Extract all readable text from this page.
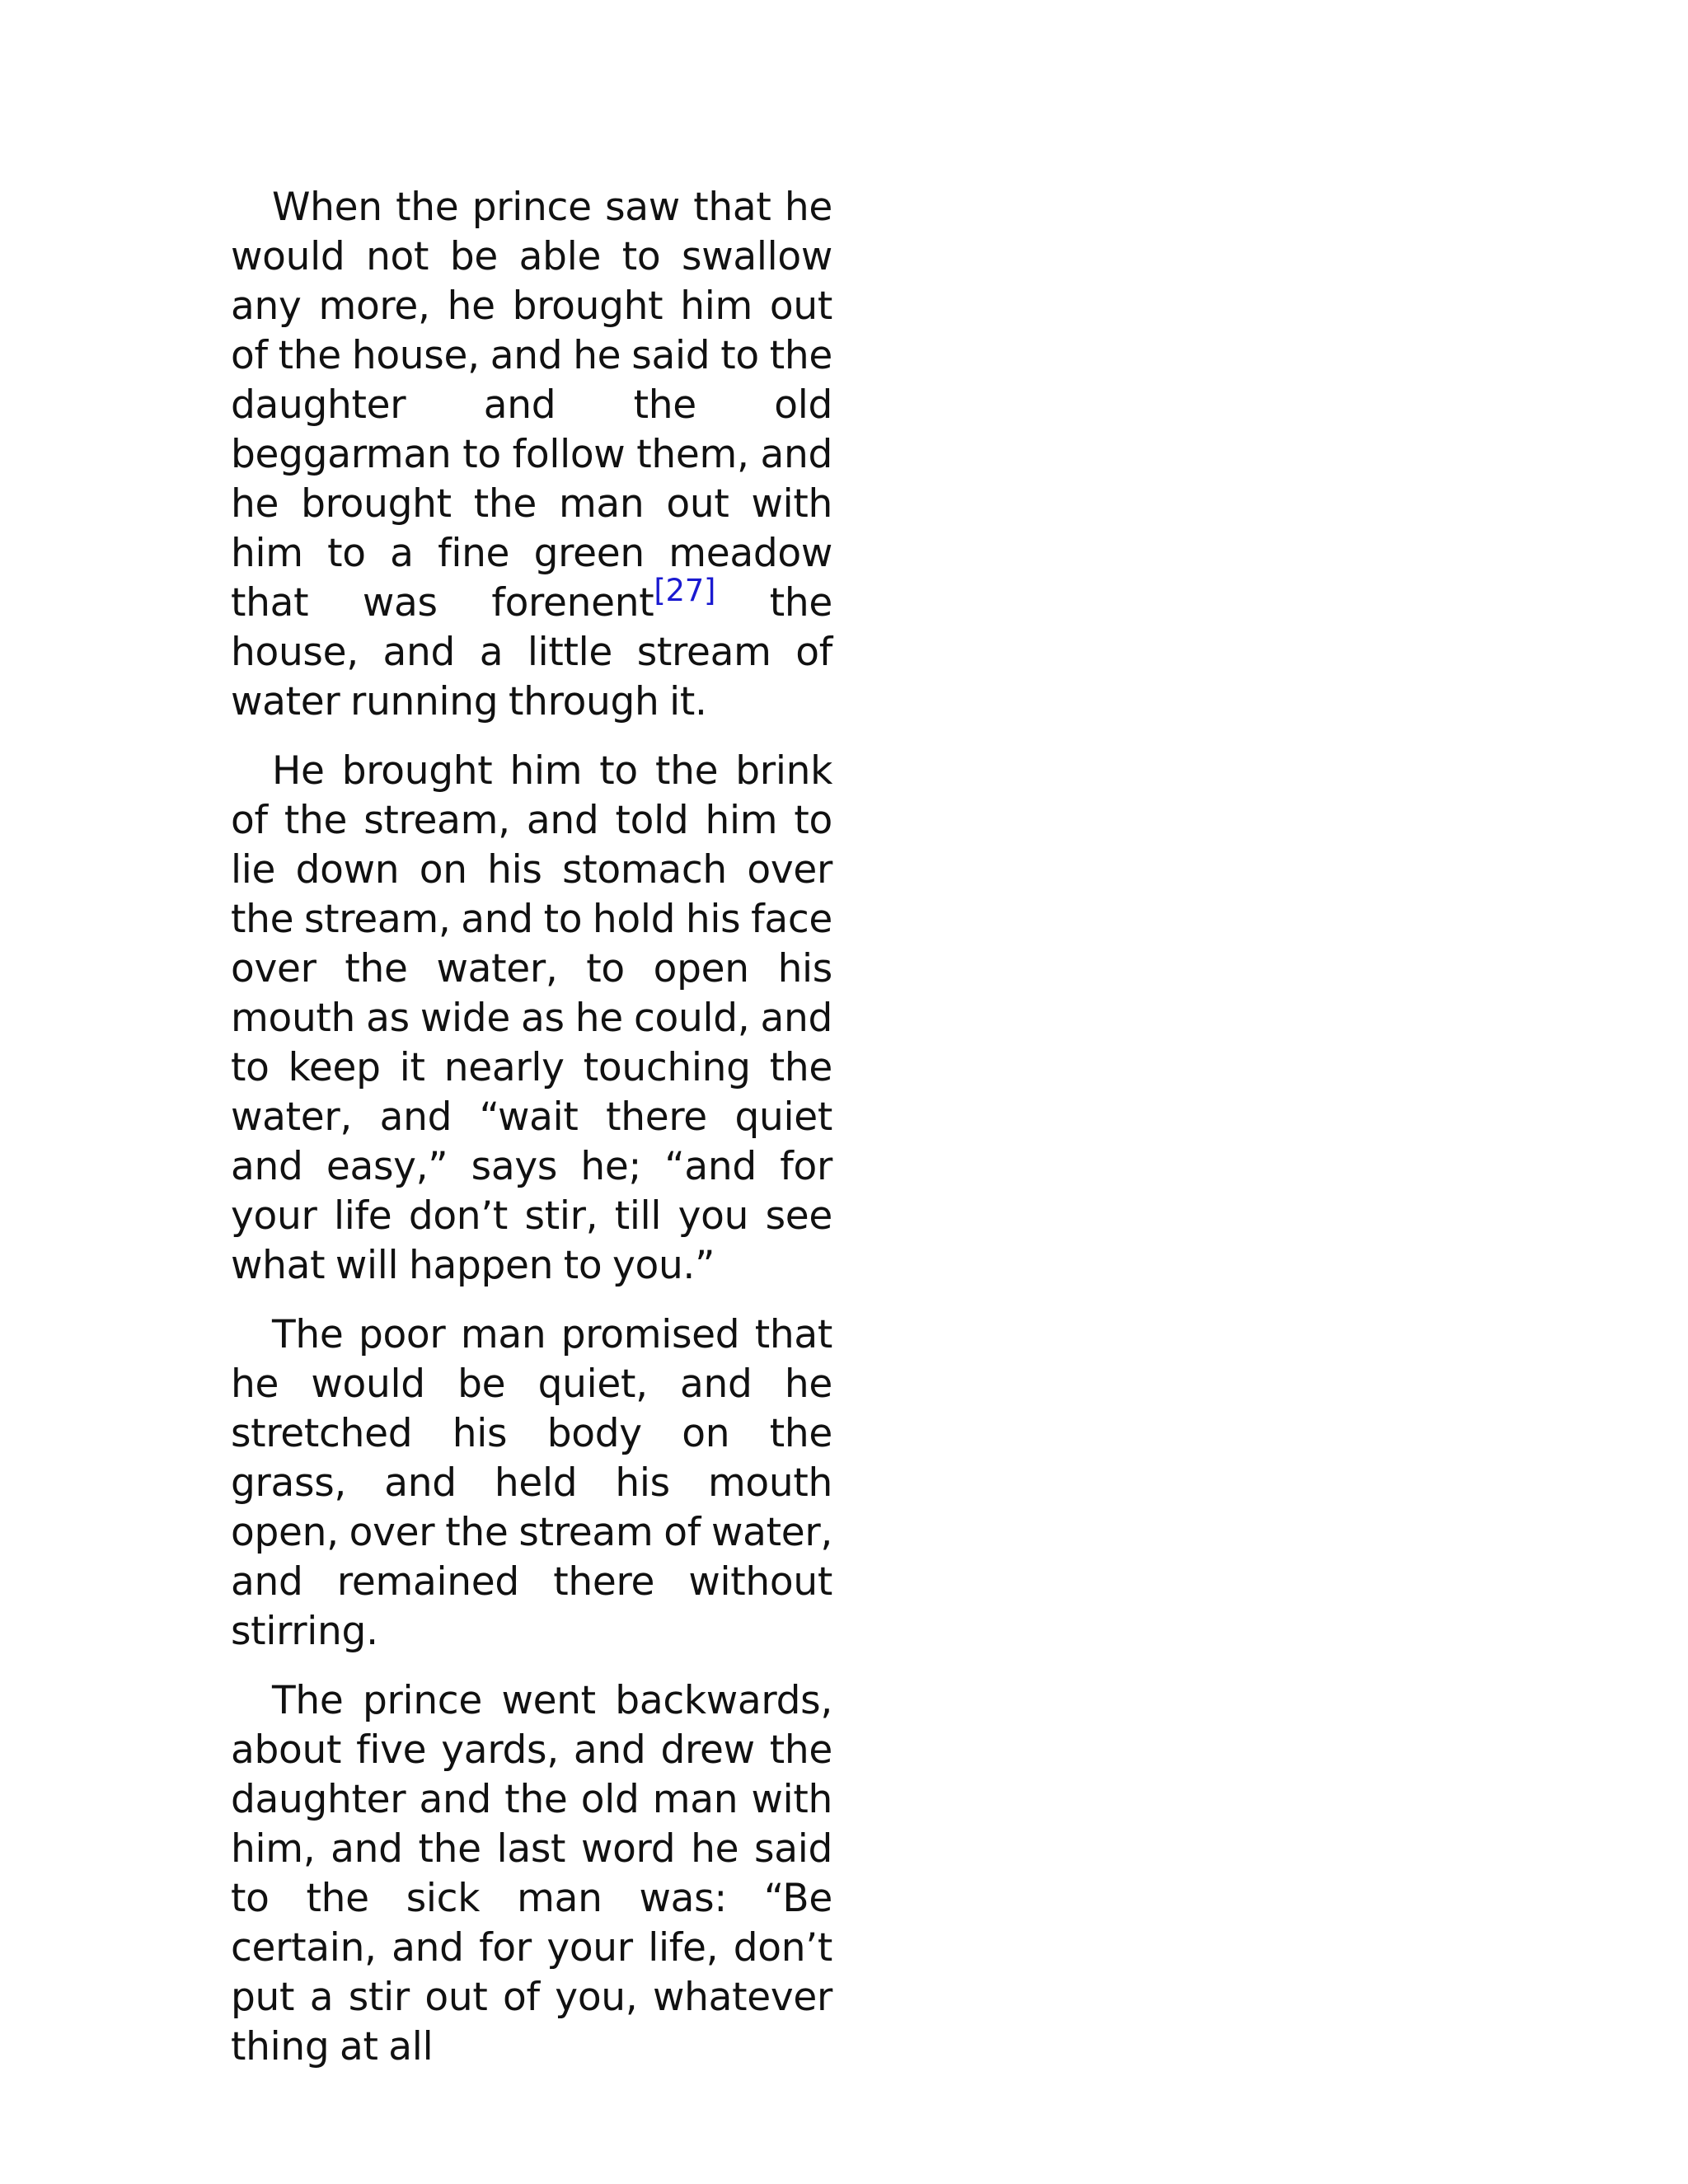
When the prince saw that he would not be able to swallow any more, he brought him out of the house, and he said to the daughter and the old beggarman to follow them, and he brought the man out with him to a fine green meadow that was forenent[27] the house, and a little stream of water running through it.

He brought him to the brink of the stream, and told him to lie down on his stomach over the stream, and to hold his face over the water, to open his mouth as wide as he could, and to keep it nearly touching the water, and “wait there quiet and easy,” says he; “and for your life don’t stir, till you see what will happen to you.”

The poor man promised that he would be quiet, and he stretched his body on the grass, and held his mouth open, over the stream of water, and remained there without stirring.

The prince went backwards, about five yards, and drew the daughter and the old man with him, and the last word he said to the sick man was: “Be certain, and for your life, don’t put a stir out of you, whatever thing at all
